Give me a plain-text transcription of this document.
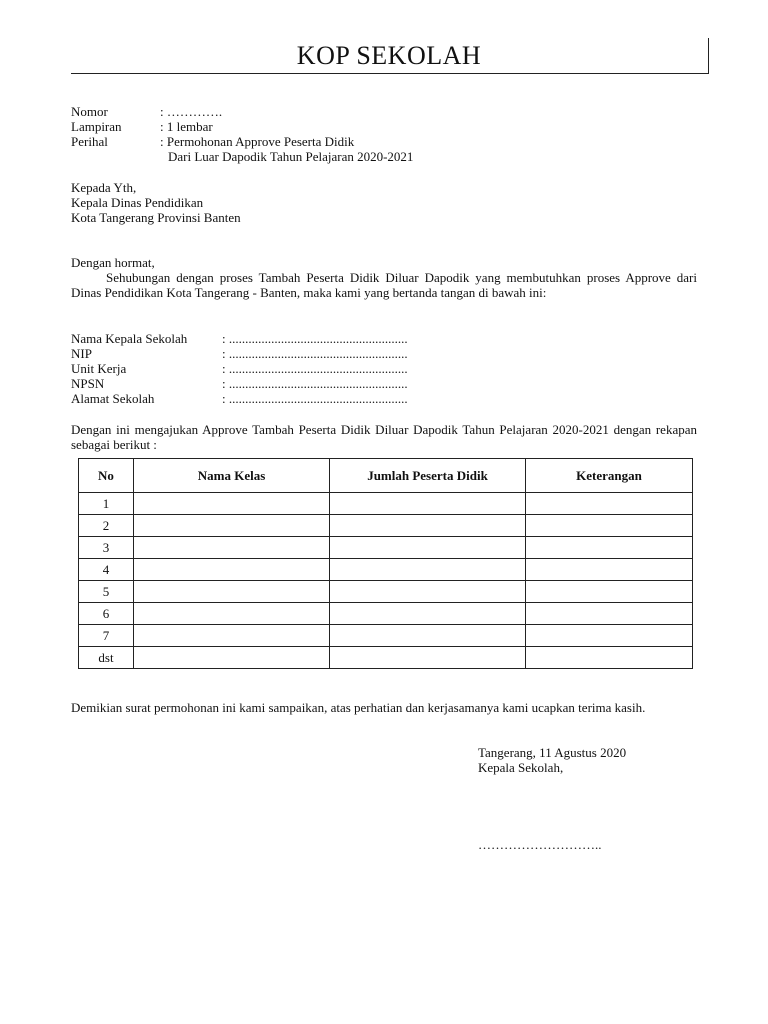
KOP SEKOLAH
Nomor	: ………….
Lampiran	: 1 lembar
Perihal	: Permohonan Approve Peserta Didik
Dari Luar Dapodik Tahun Pelajaran 2020-2021
Kepada Yth,
Kepala Dinas Pendidikan
Kota Tangerang Provinsi Banten
Dengan hormat,
Sehubungan dengan proses Tambah Peserta Didik Diluar Dapodik yang membutuhkan proses Approve dari Dinas Pendidikan Kota Tangerang - Banten, maka kami yang bertanda tangan di bawah ini:
Nama Kepala Sekolah	: .......................................................
NIP	: .......................................................
Unit Kerja	: .......................................................
NPSN	: .......................................................
Alamat Sekolah	: .......................................................
Dengan ini mengajukan Approve Tambah Peserta Didik Diluar Dapodik Tahun Pelajaran 2020-2021 dengan rekapan sebagai berikut :
No	Nama Kelas	Jumlah Peserta Didik	Keterangan
1			
2			
3			
4			
5			
6			
7			
dst			
Demikian surat permohonan ini kami sampaikan, atas perhatian dan kerjasamanya kami ucapkan terima kasih.
Tangerang, 11 Agustus 2020
Kepala Sekolah,
………………………..
